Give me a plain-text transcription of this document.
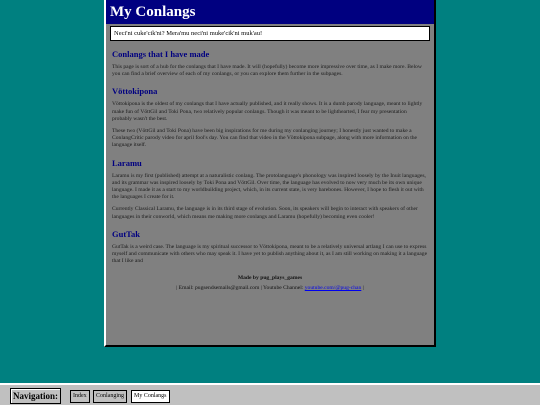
My Conlangs
Neci'ni cuke'cik'ni? Mera'mu neci'ni muke'cik'ni muk'au!
Conlangs that I have made

This page is sort of a hub for the conlangs that I have made. It will (hopefully) become more impressive over time, as I make more. Below you can find a brief overview of each of my conlangs, or you can explore them further in the subpages.

Vöttokipona

Vöttokipona is the oldest of my conlangs that I have actually published, and it really shows. It is a dumb parody language, meant to lightly make fun of VöttGil and Toki Pona, two relatively popular conlangs. Though it was meant to be lighthearted, I fear my presentation probably wasn't the best.

These two (VöttGil and Toki Pona) have been big inspirations for me during my conlanging journey; I honestly just wanted to make a ConlangCritic parody video for april fool's day. You can find that video in the Vöttokipona subpage, along with more information on the language itself.

Laramu

Laramu is my first (published) attempt at a naturalistic conlang. The protolanguage's phonology was inspired loosely by the Inuit languages, and its grammar was inspired loosely by Toki Pona and VöttGil. Over time, the language has evolved to now very much be its own unique language. I made it as a start to my worldbuilding project, which, in its current state, is very barebones. However, I hope to flesh it out with the languages I create for it.

Currently Classical Laramu, the language is in its third stage of evolution. Soon, its speakers will begin to interact with speakers of other languages in their conworld, which means me making more conlangs and Laramu (hopefully) becoming even cooler!

GutTak

GutTak is a weird case. The language is my spiritual successor to Vöttokipona, meant to be a relatively universal artlang I can use to express myself and communicate with others who may speak it. I have yet to publish anything about it, as I am still working on making it a language that I like and

Made by pug_plays_games
| Email: pugsendsemails@gmail.com | Youtube Channel: youtube.com/@pug-chan |
Navigation:	Index	Conlanging	My Conlangs
